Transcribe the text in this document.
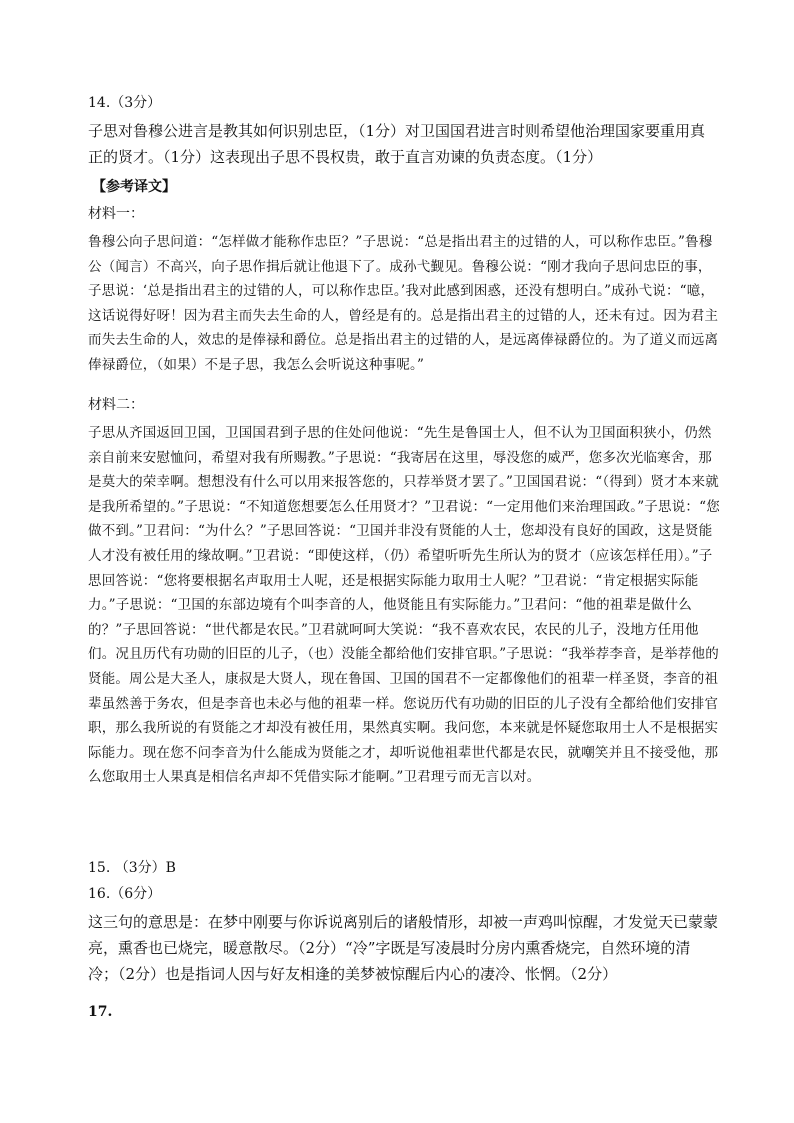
14.（3分）
子思对鲁穆公进言是教其如何识别忠臣，（1分）对卫国国君进言时则希望他治理国家要重用真正的贤才。（1分）这表现出子思不畏权贵，敢于直言劝谏的负责态度。（1分）
【参考译文】
材料一：
鲁穆公向子思问道：“怎样做才能称作忠臣？”子思说：“总是指出君主的过错的人，可以称作忠臣。”鲁穆公（闻言）不高兴，向子思作揖后就让他退下了。成孙弋觐见。鲁穆公说：“刚才我向子思问忠臣的事，子思说：‘总是指出君主的过错的人，可以称作忠臣。’我对此感到困惑，还没有想明白。”成孙弋说：“噫，这话说得好呀！因为君主而失去生命的人，曾经是有的。总是指出君主的过错的人，还未有过。因为君主而失去生命的人，效忠的是俸禄和爵位。总是指出君主的过错的人，是远离俸禄爵位的。为了道义而远离俸禄爵位，（如果）不是子思，我怎么会听说这种事呢。”
材料二：
子思从齐国返回卫国，卫国国君到子思的住处问他说：“先生是鲁国士人，但不认为卫国面积狭小，仍然亲自前来安慰恤问，希望对我有所赐教。”子思说：“我寄居在这里，辱没您的威严，您多次光临寒舍，那是莫大的荣幸啊。想想没有什么可以用来报答您的，只荐举贤才罢了。”卫国国君说：“（得到）贤才本来就是我所希望的。”子思说：“不知道您想要怎么任用贤才？”卫君说：“一定用他们来治理国政。”子思说：“您做不到。”卫君问：“为什么？”子思回答说：“卫国并非没有贤能的人士，您却没有良好的国政，这是贤能人才没有被任用的缘故啊。”卫君说：“即使这样，（仍）希望听听先生所认为的贤才（应该怎样任用）。”子思回答说：“您将要根据名声取用士人呢，还是根据实际能力取用士人呢？”卫君说：“肯定根据实际能力。”子思说：“卫国的东部边境有个叫李音的人，他贤能且有实际能力。”卫君问：“他的祖辈是做什么的？”子思回答说：“世代都是农民。”卫君就呵呵大笑说：“我不喜欢农民，农民的儿子，没地方任用他们。况且历代有功勋的旧臣的儿子，（也）没能全都给他们安排官职。”子思说：“我举荐李音，是举荐他的贤能。周公是大圣人，康叔是大贤人，现在鲁国、卫国的国君不一定都像他们的祖辈一样圣贤，李音的祖辈虽然善于务农，但是李音也未必与他的祖辈一样。您说历代有功勋的旧臣的儿子没有全都给他们安排官职，那么我所说的有贤能之才却没有被任用，果然真实啊。我问您，本来就是怀疑您取用士人不是根据实际能力。现在您不问李音为什么能成为贤能之才，却听说他祖辈世代都是农民，就嘲笑并且不接受他，那么您取用士人果真是相信名声却不凭借实际才能啊。”卫君理亏而无言以对。
15. （3分）B
16.（6分）
这三句的意思是：在梦中刚要与你诉说离别后的诸般情形，却被一声鸡叫惊醒，才发觉天已蒙蒙亮，熏香也已烧完，暖意散尽。（2分）“冷”字既是写凌晨时分房内熏香烧完，自然环境的清冷；（2分）也是指词人因与好友相逢的美梦被惊醒后内心的凄冷、怅惘。（2分）
17.
